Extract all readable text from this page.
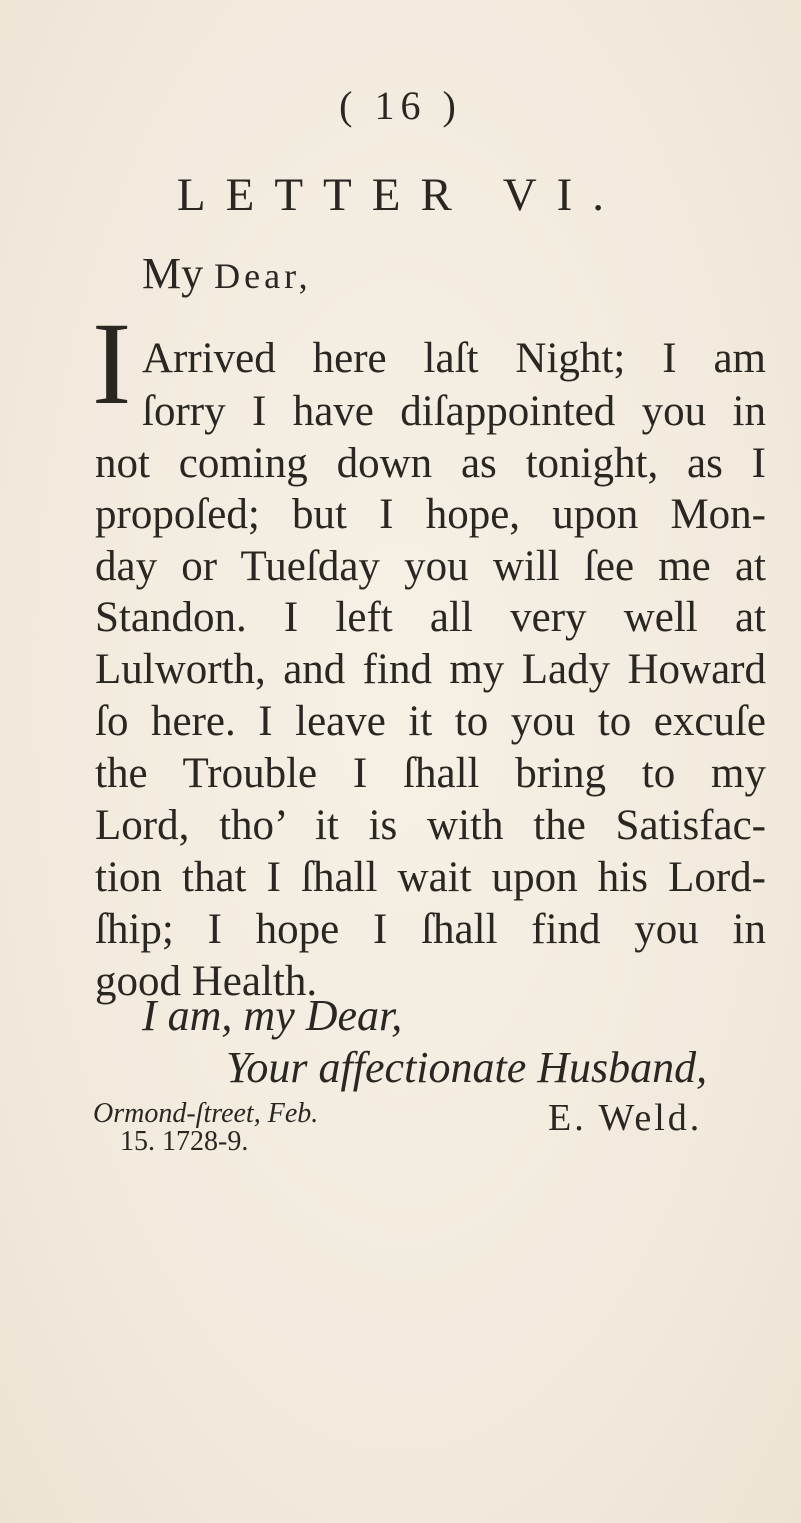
( 16 )
LETTER VI.
My Dear,
I Arrived here laſt Night; I am
ſorry I have diſappointed you in
not coming down as tonight, as I
propoſed; but I hope, upon Mon-
day or Tueſday you will ſee me at
Standon. I left all very well at
Lulworth, and find my Lady Howard
ſo here. I leave it to you to excuſe
the Trouble I ſhall bring to my
Lord, tho’ it is with the Satisfac-
tion that I ſhall wait upon his Lord-
ſhip; I hope I ſhall find you in
good Health.
I am, my Dear,
Your affectionate Husband,
Ormond-ſtreet, Feb.
15. 1728-9.
E. Weld.
